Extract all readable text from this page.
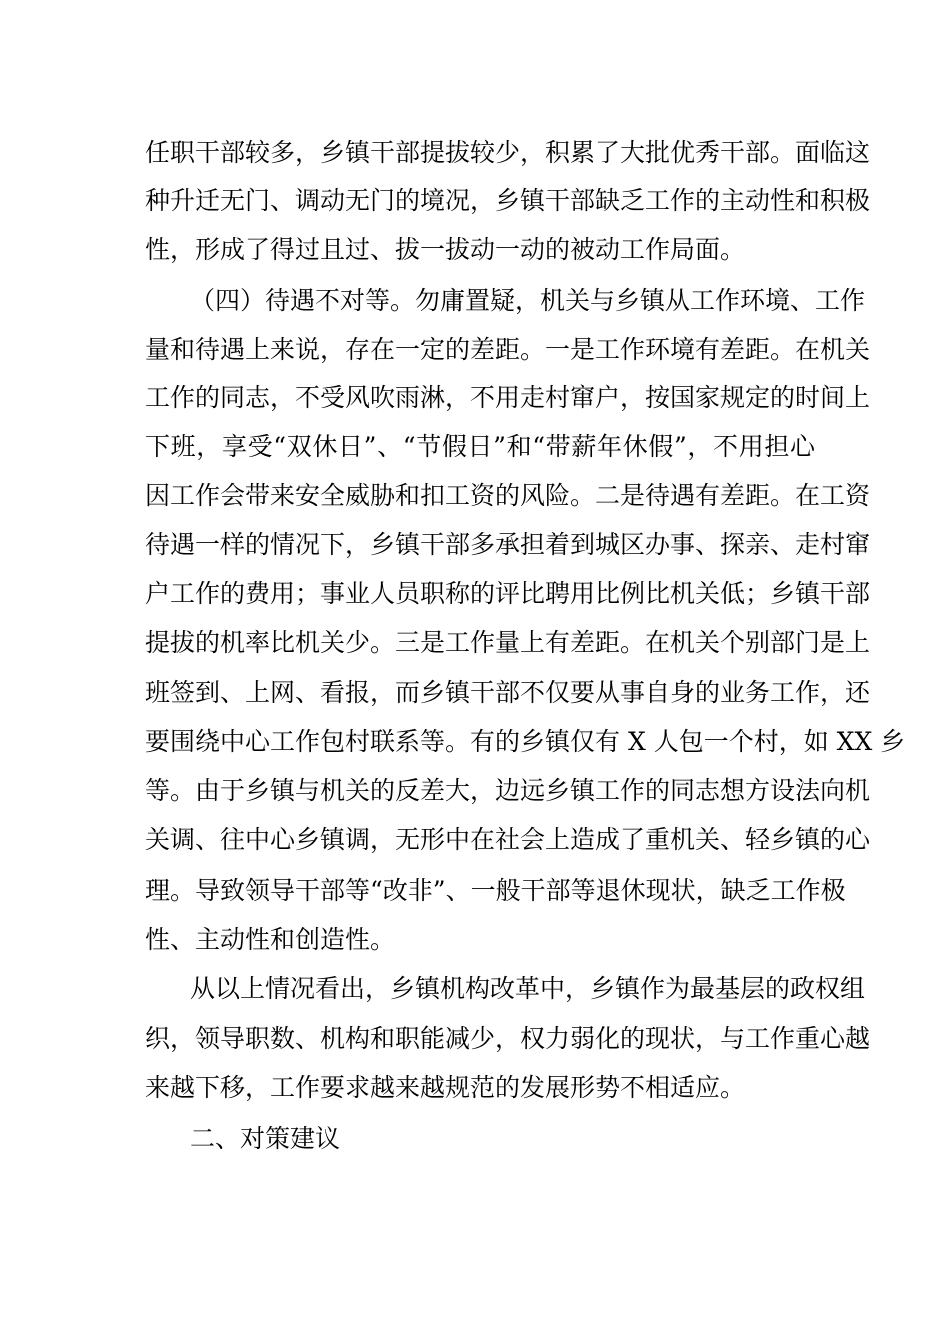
任职干部较多，乡镇干部提拔较少，积累了大批优秀干部。面临这
种升迁无门、调动无门的境况，乡镇干部缺乏工作的主动性和积极
性，形成了得过且过、拔一拔动一动的被动工作局面。
（四）待遇不对等。勿庸置疑，机关与乡镇从工作环境、工作
量和待遇上来说，存在一定的差距。一是工作环境有差距。在机关
工作的同志，不受风吹雨淋，不用走村窜户，按国家规定的时间上
下班，享受“双休日”、“节假日”和“带薪年休假”，不用担心
因工作会带来安全威胁和扣工资的风险。二是待遇有差距。在工资
待遇一样的情况下，乡镇干部多承担着到城区办事、探亲、走村窜
户工作的费用；事业人员职称的评比聘用比例比机关低；乡镇干部
提拔的机率比机关少。三是工作量上有差距。在机关个别部门是上
班签到、上网、看报，而乡镇干部不仅要从事自身的业务工作，还
要围绕中心工作包村联系等。有的乡镇仅有 X 人包一个村，如 XX 乡
等。由于乡镇与机关的反差大，边远乡镇工作的同志想方设法向机
关调、往中心乡镇调，无形中在社会上造成了重机关、轻乡镇的心
理。导致领导干部等“改非”、一般干部等退休现状，缺乏工作极
性、主动性和创造性。
从以上情况看出，乡镇机构改革中，乡镇作为最基层的政权组
织，领导职数、机构和职能减少，权力弱化的现状，与工作重心越
来越下移，工作要求越来越规范的发展形势不相适应。
二、对策建议
